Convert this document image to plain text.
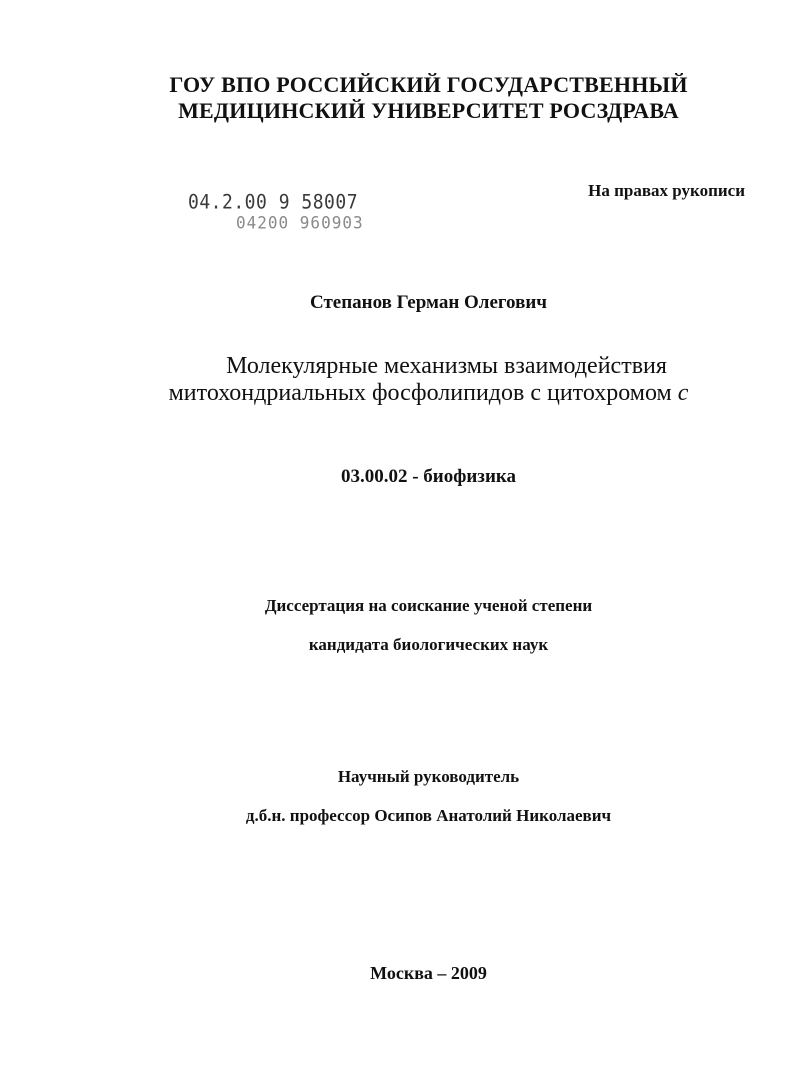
ГОУ ВПО РОССИЙСКИЙ ГОСУДАРСТВЕННЫЙ
МЕДИЦИНСКИЙ УНИВЕРСИТЕТ РОСЗДРАВА
На правах рукописи
04.2.00 9 58007
04200 960903
Степанов Герман Олегович
Молекулярные механизмы взаимодействия
митохондриальных фосфолипидов с цитохромом c
03.00.02 - биофизика
Диссертация на соискание ученой степени
кандидата биологических наук
Научный руководитель
д.б.н. профессор Осипов Анатолий Николаевич
Москва – 2009
